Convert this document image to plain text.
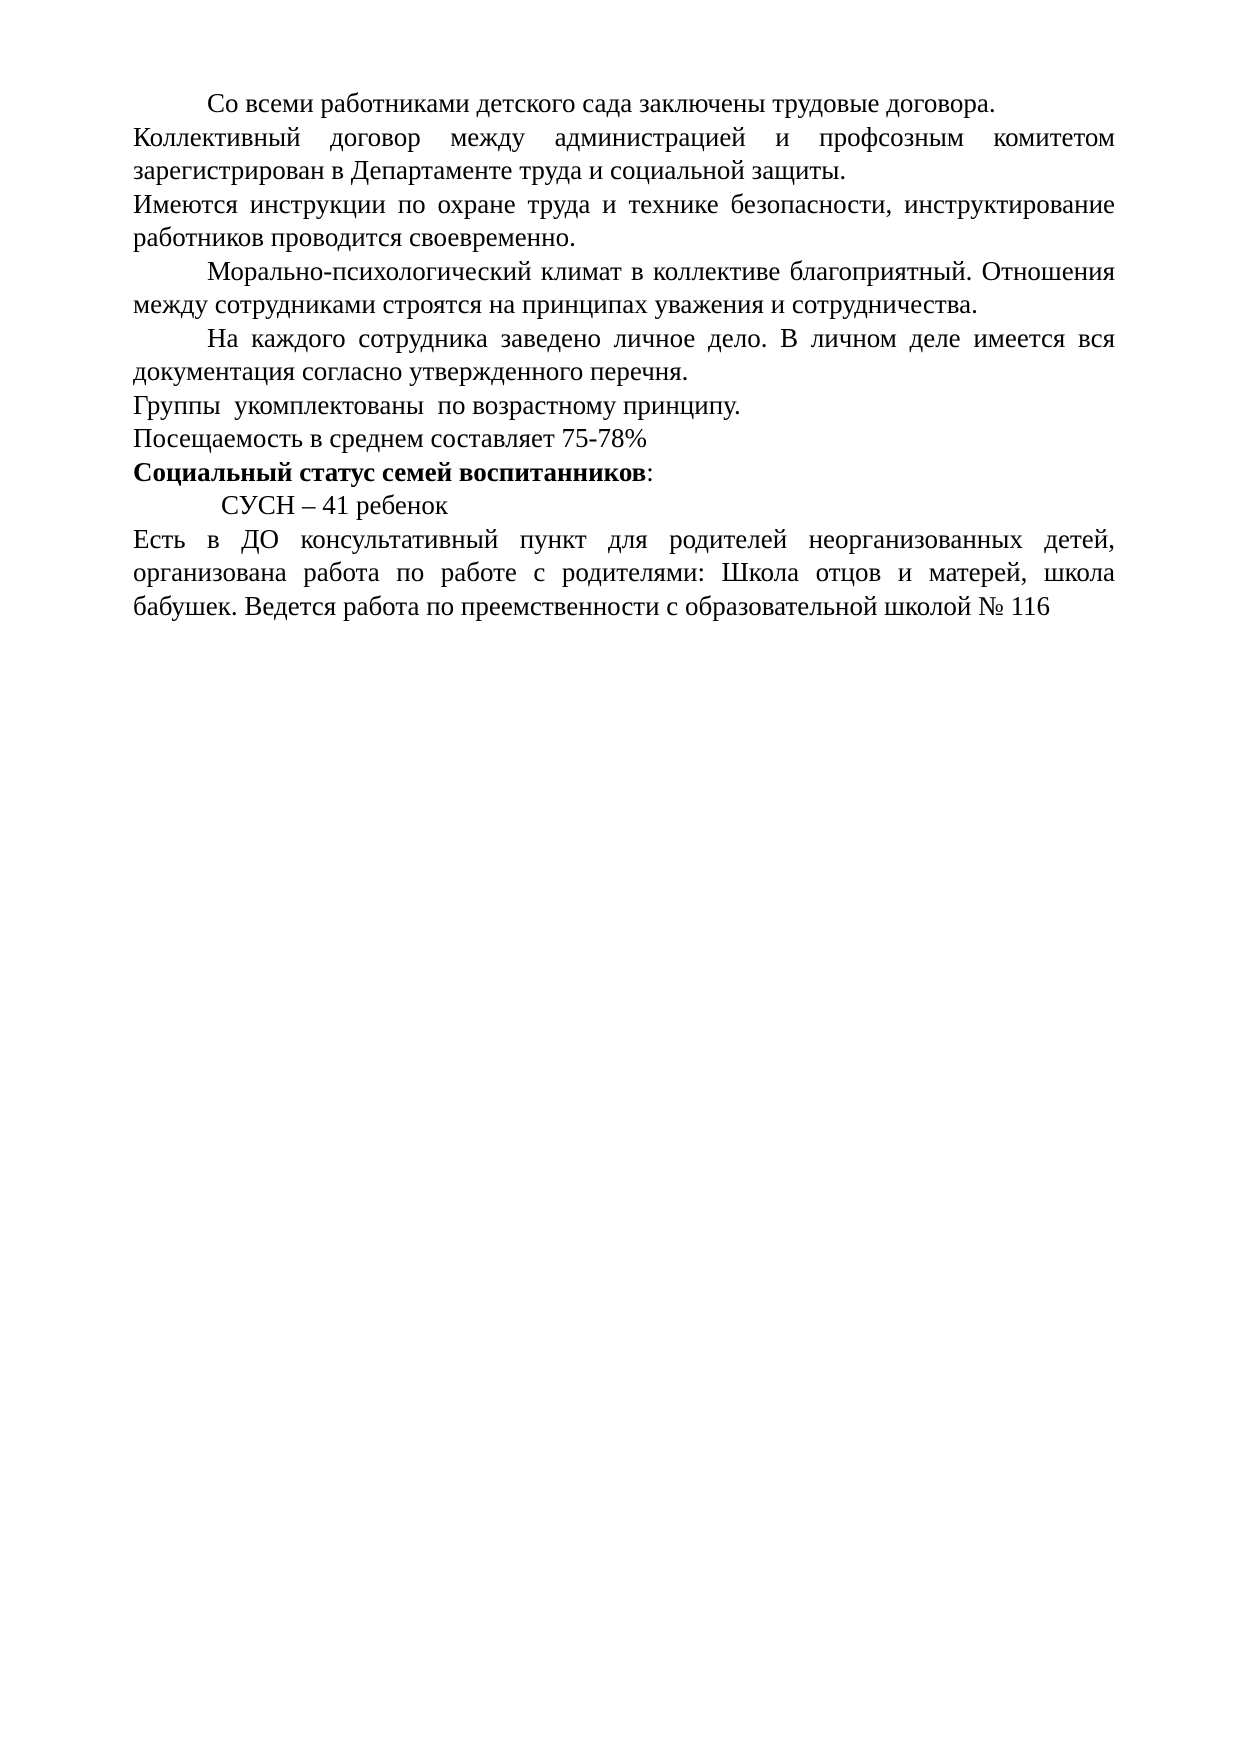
Со всеми работниками детского сада заключены трудовые договора.

Коллективный договор между администрацией и профсозным комитетом зарегистрирован в Департаменте труда и социальной защиты.

Имеются инструкции по охране труда и технике безопасности, инструктирование работников проводится своевременно.

Морально-психологический климат в коллективе благоприятный. Отношения между сотрудниками строятся на принципах уважения и сотрудничества.

На каждого сотрудника заведено личное дело. В личном деле имеется вся документация согласно утвержденного перечня.

Группы  укомплектованы  по возрастному принципу.

Посещаемость в среднем составляет 75-78%

Социальный статус семей воспитанников:

СУСН – 41 ребенок

Есть в ДО консультативный пункт для родителей неорганизованных детей, организована работа по работе с родителями: Школа отцов и матерей, школа бабушек. Ведется работа по преемственности с образовательной школой № 116
